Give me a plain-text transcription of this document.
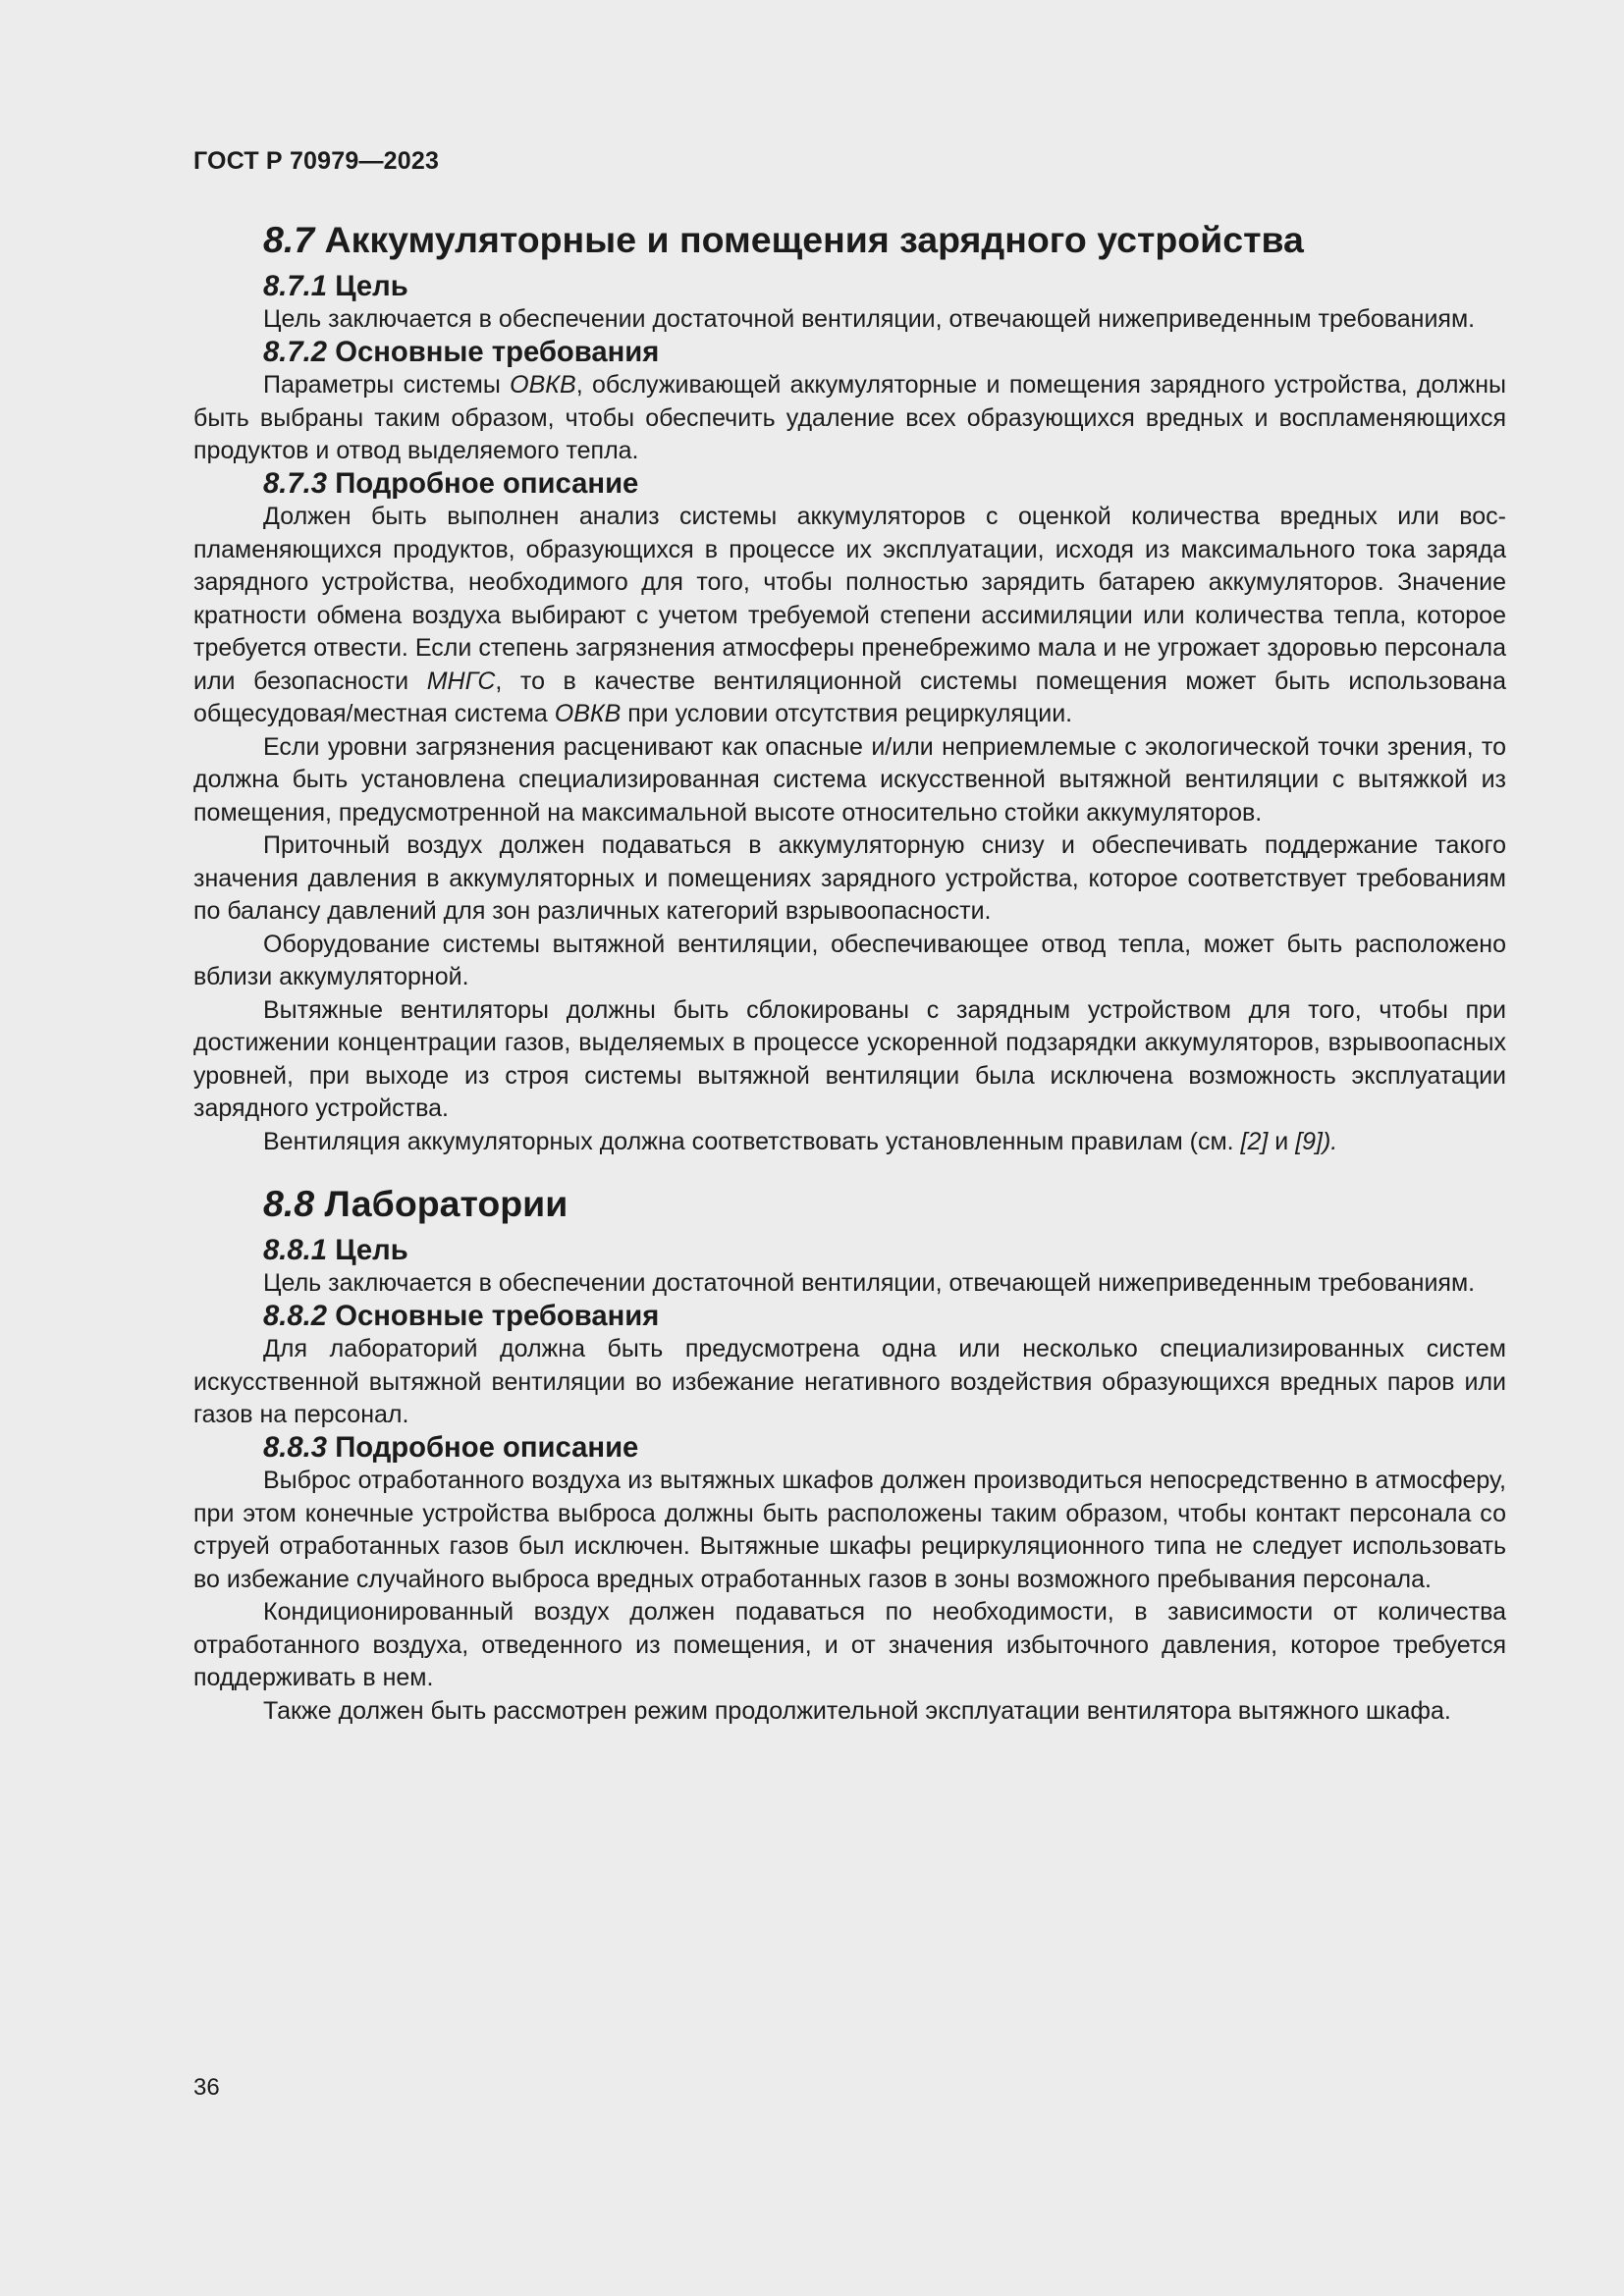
ГОСТ Р 70979—2023
8.7 Аккумуляторные и помещения зарядного устройства
8.7.1 Цель

Цель заключается в обеспечении достаточной вентиляции, отвечающей нижеприведенным требованиям.

8.7.2 Основные требования

Параметры системы ОВКВ, обслуживающей аккумуляторные и помещения зарядного устройства, должны быть выбраны таким образом, чтобы обеспечить удаление всех образующихся вредных и воспламеняющихся продуктов и отвод выделяемого тепла.

8.7.3 Подробное описание

Должен быть выполнен анализ системы аккумуляторов с оценкой количества вредных или воспламеняющихся продуктов, образующихся в процессе их эксплуатации, исходя из максимального тока заряда зарядного устройства, необходимого для того, чтобы полностью зарядить батарею аккумуляторов. Значение кратности обмена воздуха выбирают с учетом требуемой степени ассимиляции или количества тепла, которое требуется отвести. Если степень загрязнения атмосферы пренебрежимо мала и не угрожает здоровью персонала или безопасности МНГС, то в качестве вентиляционной системы помещения может быть использована общесудовая/местная система ОВКВ при условии отсутствия рециркуляции.

Если уровни загрязнения расценивают как опасные и/или неприемлемые с экологической точки зрения, то должна быть установлена специализированная система искусственной вытяжной вентиляции с вытяжкой из помещения, предусмотренной на максимальной высоте относительно стойки аккумуляторов.

Приточный воздух должен подаваться в аккумуляторную снизу и обеспечивать поддержание такого значения давления в аккумуляторных и помещениях зарядного устройства, которое соответствует требованиям по балансу давлений для зон различных категорий взрывоопасности.

Оборудование системы вытяжной вентиляции, обеспечивающее отвод тепла, может быть расположено вблизи аккумуляторной.

Вытяжные вентиляторы должны быть сблокированы с зарядным устройством для того, чтобы при достижении концентрации газов, выделяемых в процессе ускоренной подзарядки аккумуляторов, взрывоопасных уровней, при выходе из строя системы вытяжной вентиляции была исключена возможность эксплуатации зарядного устройства.

Вентиляция аккумуляторных должна соответствовать установленным правилам (см. [2] и [9]).

8.8 Лаборатории
8.8.1 Цель

Цель заключается в обеспечении достаточной вентиляции, отвечающей нижеприведенным требованиям.

8.8.2 Основные требования

Для лабораторий должна быть предусмотрена одна или несколько специализированных систем искусственной вытяжной вентиляции во избежание негативного воздействия образующихся вредных паров или газов на персонал.

8.8.3 Подробное описание

Выброс отработанного воздуха из вытяжных шкафов должен производиться непосредственно в атмосферу, при этом конечные устройства выброса должны быть расположены таким образом, чтобы контакт персонала со струей отработанных газов был исключен. Вытяжные шкафы рециркуляционного типа не следует использовать во избежание случайного выброса вредных отработанных газов в зоны возможного пребывания персонала.

Кондиционированный воздух должен подаваться по необходимости, в зависимости от количества отработанного воздуха, отведенного из помещения, и от значения избыточного давления, которое требуется поддерживать в нем.

Также должен быть рассмотрен режим продолжительной эксплуатации вентилятора вытяжного шкафа.

36
